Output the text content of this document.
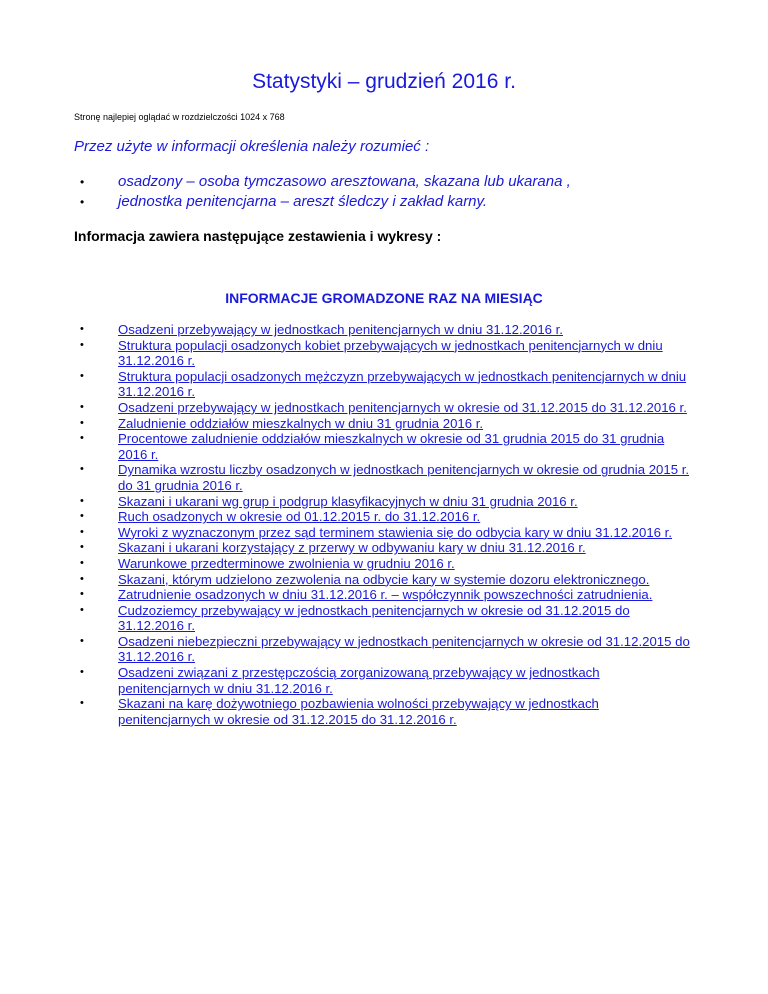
Statystyki – grudzień 2016 r.

Stronę najlepiej oglądać w rozdzielczości 1024 x 768

Przez użyte w informacji określenia należy rozumieć :

• osadzony – osoba tymczasowo aresztowana, skazana lub ukarana ,
• jednostka penitencjarna – areszt śledczy i zakład karny.

Informacja zawiera następujące zestawienia i wykresy :

INFORMACJE GROMADZONE RAZ NA MIESIĄC
•	Osadzeni przebywający w jednostkach penitencjarnych w dniu 31.12.2016 r.
•	Struktura populacji osadzonych kobiet przebywających w jednostkach penitencjarnych w dniu 31.12.2016 r.
•	Struktura populacji osadzonych mężczyzn przebywających w jednostkach penitencjarnych w dniu 31.12.2016 r.
•	Osadzeni przebywający w jednostkach penitencjarnych w okresie od 31.12.2015 do 31.12.2016 r.
•	Zaludnienie oddziałów mieszkalnych w dniu 31 grudnia 2016 r.
•	Procentowe zaludnienie oddziałów mieszkalnych w okresie od 31 grudnia 2015 do 31 grudnia 2016 r.
•	Dynamika wzrostu liczby osadzonych w jednostkach penitencjarnych w okresie od grudnia 2015 r. do 31 grudnia 2016 r.
•	Skazani i ukarani wg grup i podgrup klasyfikacyjnych w dniu 31 grudnia 2016 r.
•	Ruch osadzonych w okresie od 01.12.2015 r. do 31.12.2016 r.
•	Wyroki z wyznaczonym przez sąd terminem stawienia się do odbycia kary w dniu 31.12.2016 r.
•	Skazani i ukarani korzystający z przerwy w odbywaniu kary w dniu 31.12.2016 r.
•	Warunkowe przedterminowe zwolnienia w grudniu 2016 r.
•	Skazani, którym udzielono zezwolenia na odbycie kary w systemie dozoru elektronicznego.
•	Zatrudnienie osadzonych w dniu 31.12.2016 r. – współczynnik powszechności zatrudnienia.
•	Cudzoziemcy przebywający w jednostkach penitencjarnych w okresie od 31.12.2015 do 31.12.2016 r.
•	Osadzeni niebezpieczni przebywający w jednostkach penitencjarnych w okresie od 31.12.2015 do 31.12.2016 r.
•	Osadzeni związani z przestępczością zorganizowaną przebywający w jednostkach penitencjarnych w dniu 31.12.2016 r.
•	Skazani na karę dożywotniego pozbawienia wolności przebywający w jednostkach penitencjarnych w okresie od 31.12.2015 do 31.12.2016 r.
